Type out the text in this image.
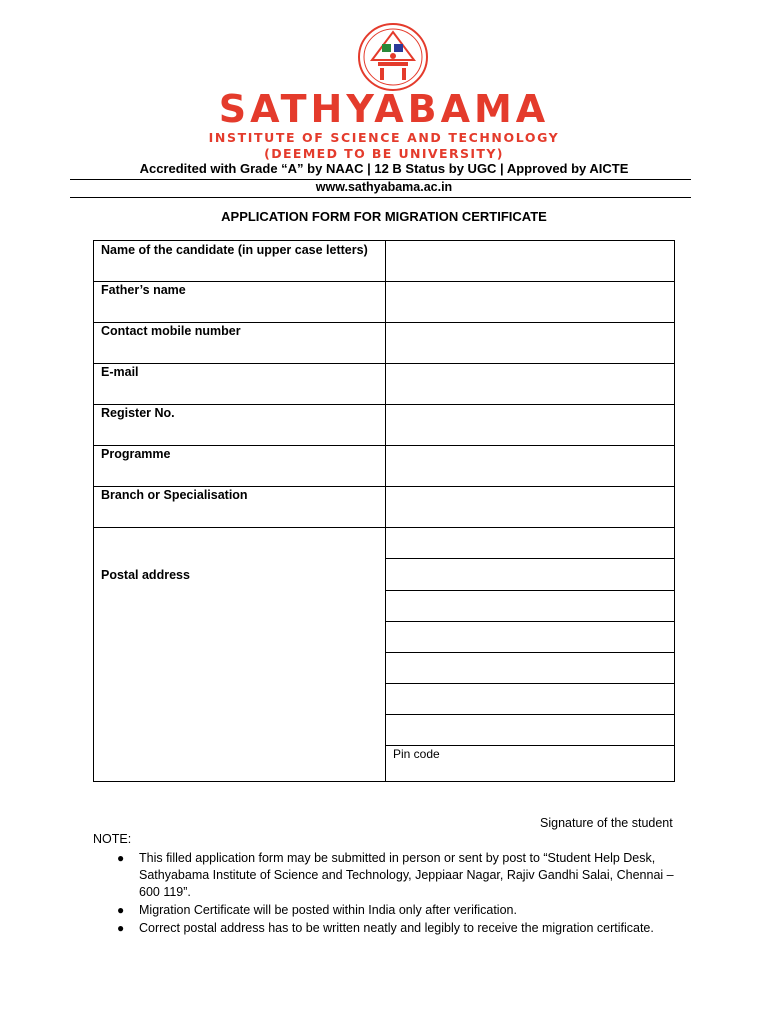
SATHYABAMA
INSTITUTE OF SCIENCE AND TECHNOLOGY
(DEEMED TO BE UNIVERSITY)
Accredited with Grade “A” by NAAC | 12 B Status by UGC | Approved by AICTE
www.sathyabama.ac.in
APPLICATION FORM FOR MIGRATION CERTIFICATE
Name of the candidate (in upper case letters)
Father’s name
Contact mobile number
E-mail
Register No.
Programme
Branch or Specialisation
Postal address
Pin code
Signature of the student
NOTE:
● This filled application form may be submitted in person or sent by post to “Student Help Desk, Sathyabama Institute of Science and Technology, Jeppiaar Nagar, Rajiv Gandhi Salai, Chennai – 600 119”.
● Migration Certificate will be posted within India only after verification.
● Correct postal address has to be written neatly and legibly to receive the migration certificate.
